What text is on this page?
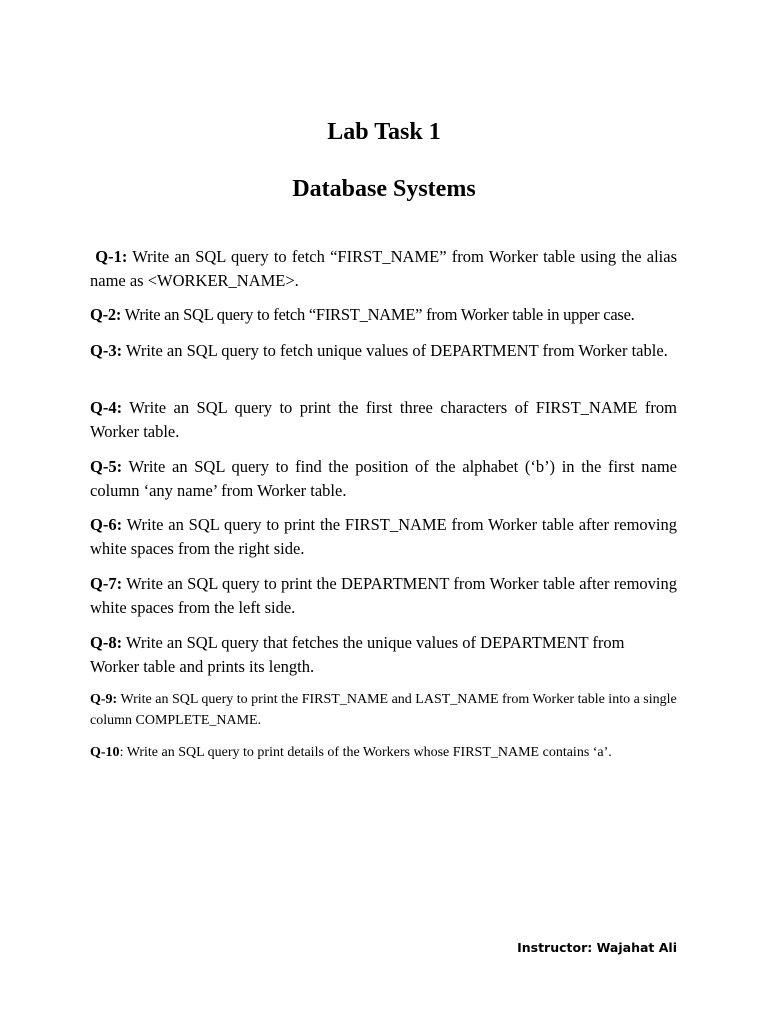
Lab Task 1
Database Systems

Q-1: Write an SQL query to fetch “FIRST_NAME” from Worker table using the alias name as <WORKER_NAME>.

Q-2: Write an SQL query to fetch “FIRST_NAME” from Worker table in upper case.

Q-3: Write an SQL query to fetch unique values of DEPARTMENT from Worker table.

Q-4: Write an SQL query to print the first three characters of FIRST_NAME from Worker table.

Q-5: Write an SQL query to find the position of the alphabet (‘b’) in the first name column ‘any name’ from Worker table.

Q-6: Write an SQL query to print the FIRST_NAME from Worker table after removing white spaces from the right side.

Q-7: Write an SQL query to print the DEPARTMENT from Worker table after removing white spaces from the left side.

Q-8: Write an SQL query that fetches the unique values of DEPARTMENT from Worker table and prints its length.

Q-9: Write an SQL query to print the FIRST_NAME and LAST_NAME from Worker table into a single column COMPLETE_NAME.

Q-10: Write an SQL query to print details of the Workers whose FIRST_NAME contains ‘a’.

Instructor: Wajahat Ali
